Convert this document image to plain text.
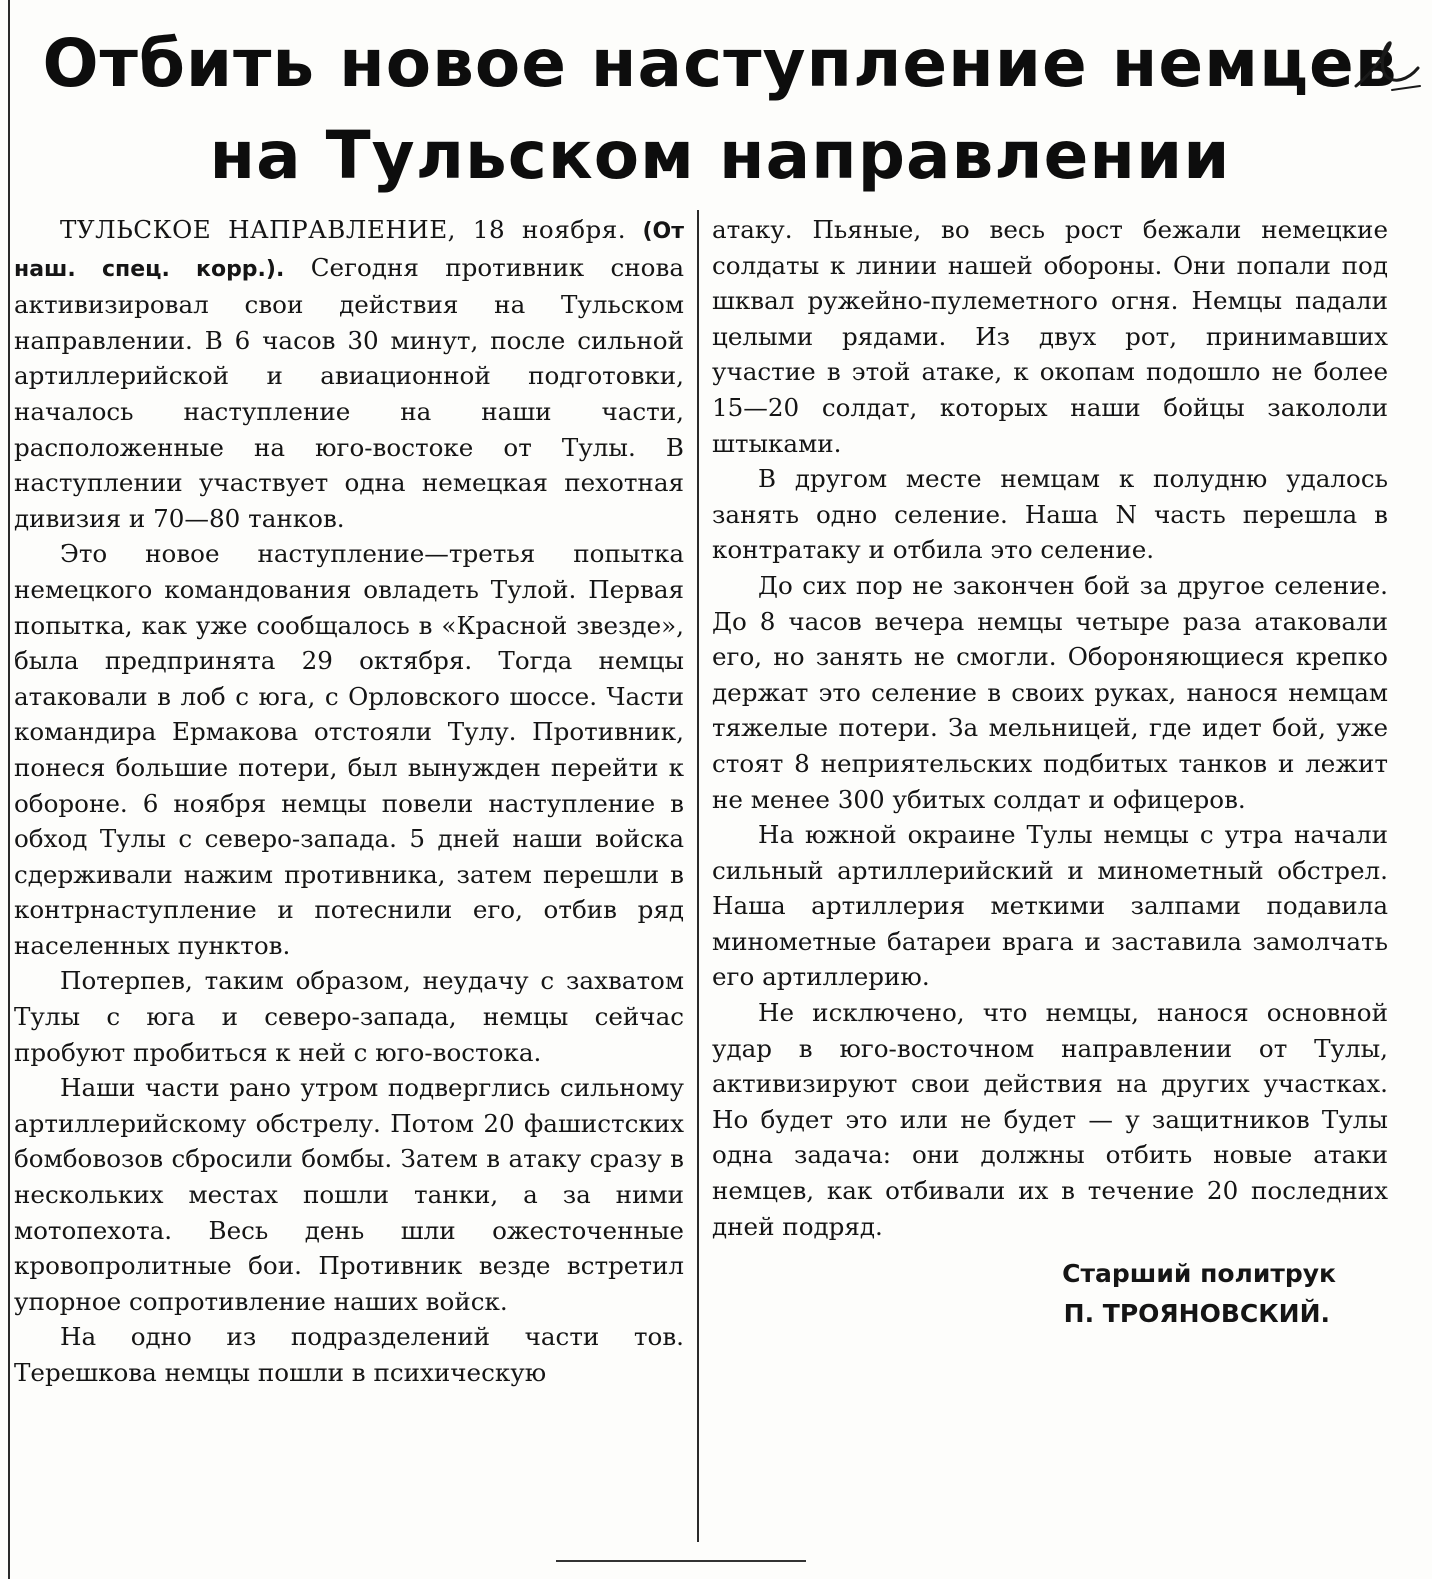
Отбить новое наступление немцев
на Тульском направлении

ТУЛЬСКОЕ НАПРАВЛЕНИЕ, 18 ноября. (От наш. спец. корр.). Сегодня противник снова активизировал свои действия на Тульском направлении. В 6 часов 30 минут, после сильной артиллерийской и авиационной подготовки, началось наступление на наши части, расположенные на юго-востоке от Тулы. В наступлении участвует одна немецкая пехотная дивизия и 70—80 танков.

Это новое наступление—третья попытка немецкого командования овладеть Тулой. Первая попытка, как уже сообщалось в «Красной звезде», была предпринята 29 октября. Тогда немцы атаковали в лоб с юга, с Орловского шоссе. Части командира Ермакова отстояли Тулу. Противник, понеся большие потери, был вынужден перейти к обороне. 6 ноября немцы повели наступление в обход Тулы с северо-запада. 5 дней наши войска сдерживали нажим противника, затем перешли в контрнаступление и потеснили его, отбив ряд населенных пунктов.

Потерпев, таким образом, неудачу с захватом Тулы с юга и северо-запада, немцы сейчас пробуют пробиться к ней с юго-востока.

Наши части рано утром подверглись сильному артиллерийскому обстрелу. Потом 20 фашистских бомбовозов сбросили бомбы. Затем в атаку сразу в нескольких местах пошли танки, а за ними мотопехота. Весь день шли ожесточенные кровопролитные бои. Противник везде встретил упорное сопротивление наших войск.

На одно из подразделений части тов. Терешкова немцы пошли в психическую

атаку. Пьяные, во весь рост бежали немецкие солдаты к линии нашей обороны. Они попали под шквал ружейно-пулеметного огня. Немцы падали целыми рядами. Из двух рот, принимавших участие в этой атаке, к окопам подошло не более 15—20 солдат, которых наши бойцы закололи штыками.

В другом месте немцам к полудню удалось занять одно селение. Наша N часть перешла в контратаку и отбила это селение.

До сих пор не закончен бой за другое селение. До 8 часов вечера немцы четыре раза атаковали его, но занять не смогли. Обороняющиеся крепко держат это селение в своих руках, нанося немцам тяжелые потери. За мельницей, где идет бой, уже стоят 8 неприятельских подбитых танков и лежит не менее 300 убитых солдат и офицеров.

На южной окраине Тулы немцы с утра начали сильный артиллерийский и минометный обстрел. Наша артиллерия меткими залпами подавила минометные батареи врага и заставила замолчать его артиллерию.

Не исключено, что немцы, нанося основной удар в юго-восточном направлении от Тулы, активизируют свои действия на других участках. Но будет это или не будет — у защитников Тулы одна задача: они должны отбить новые атаки немцев, как отбивали их в течение 20 последних дней подряд.

Старший политрук
П. ТРОЯНОВСКИЙ.
